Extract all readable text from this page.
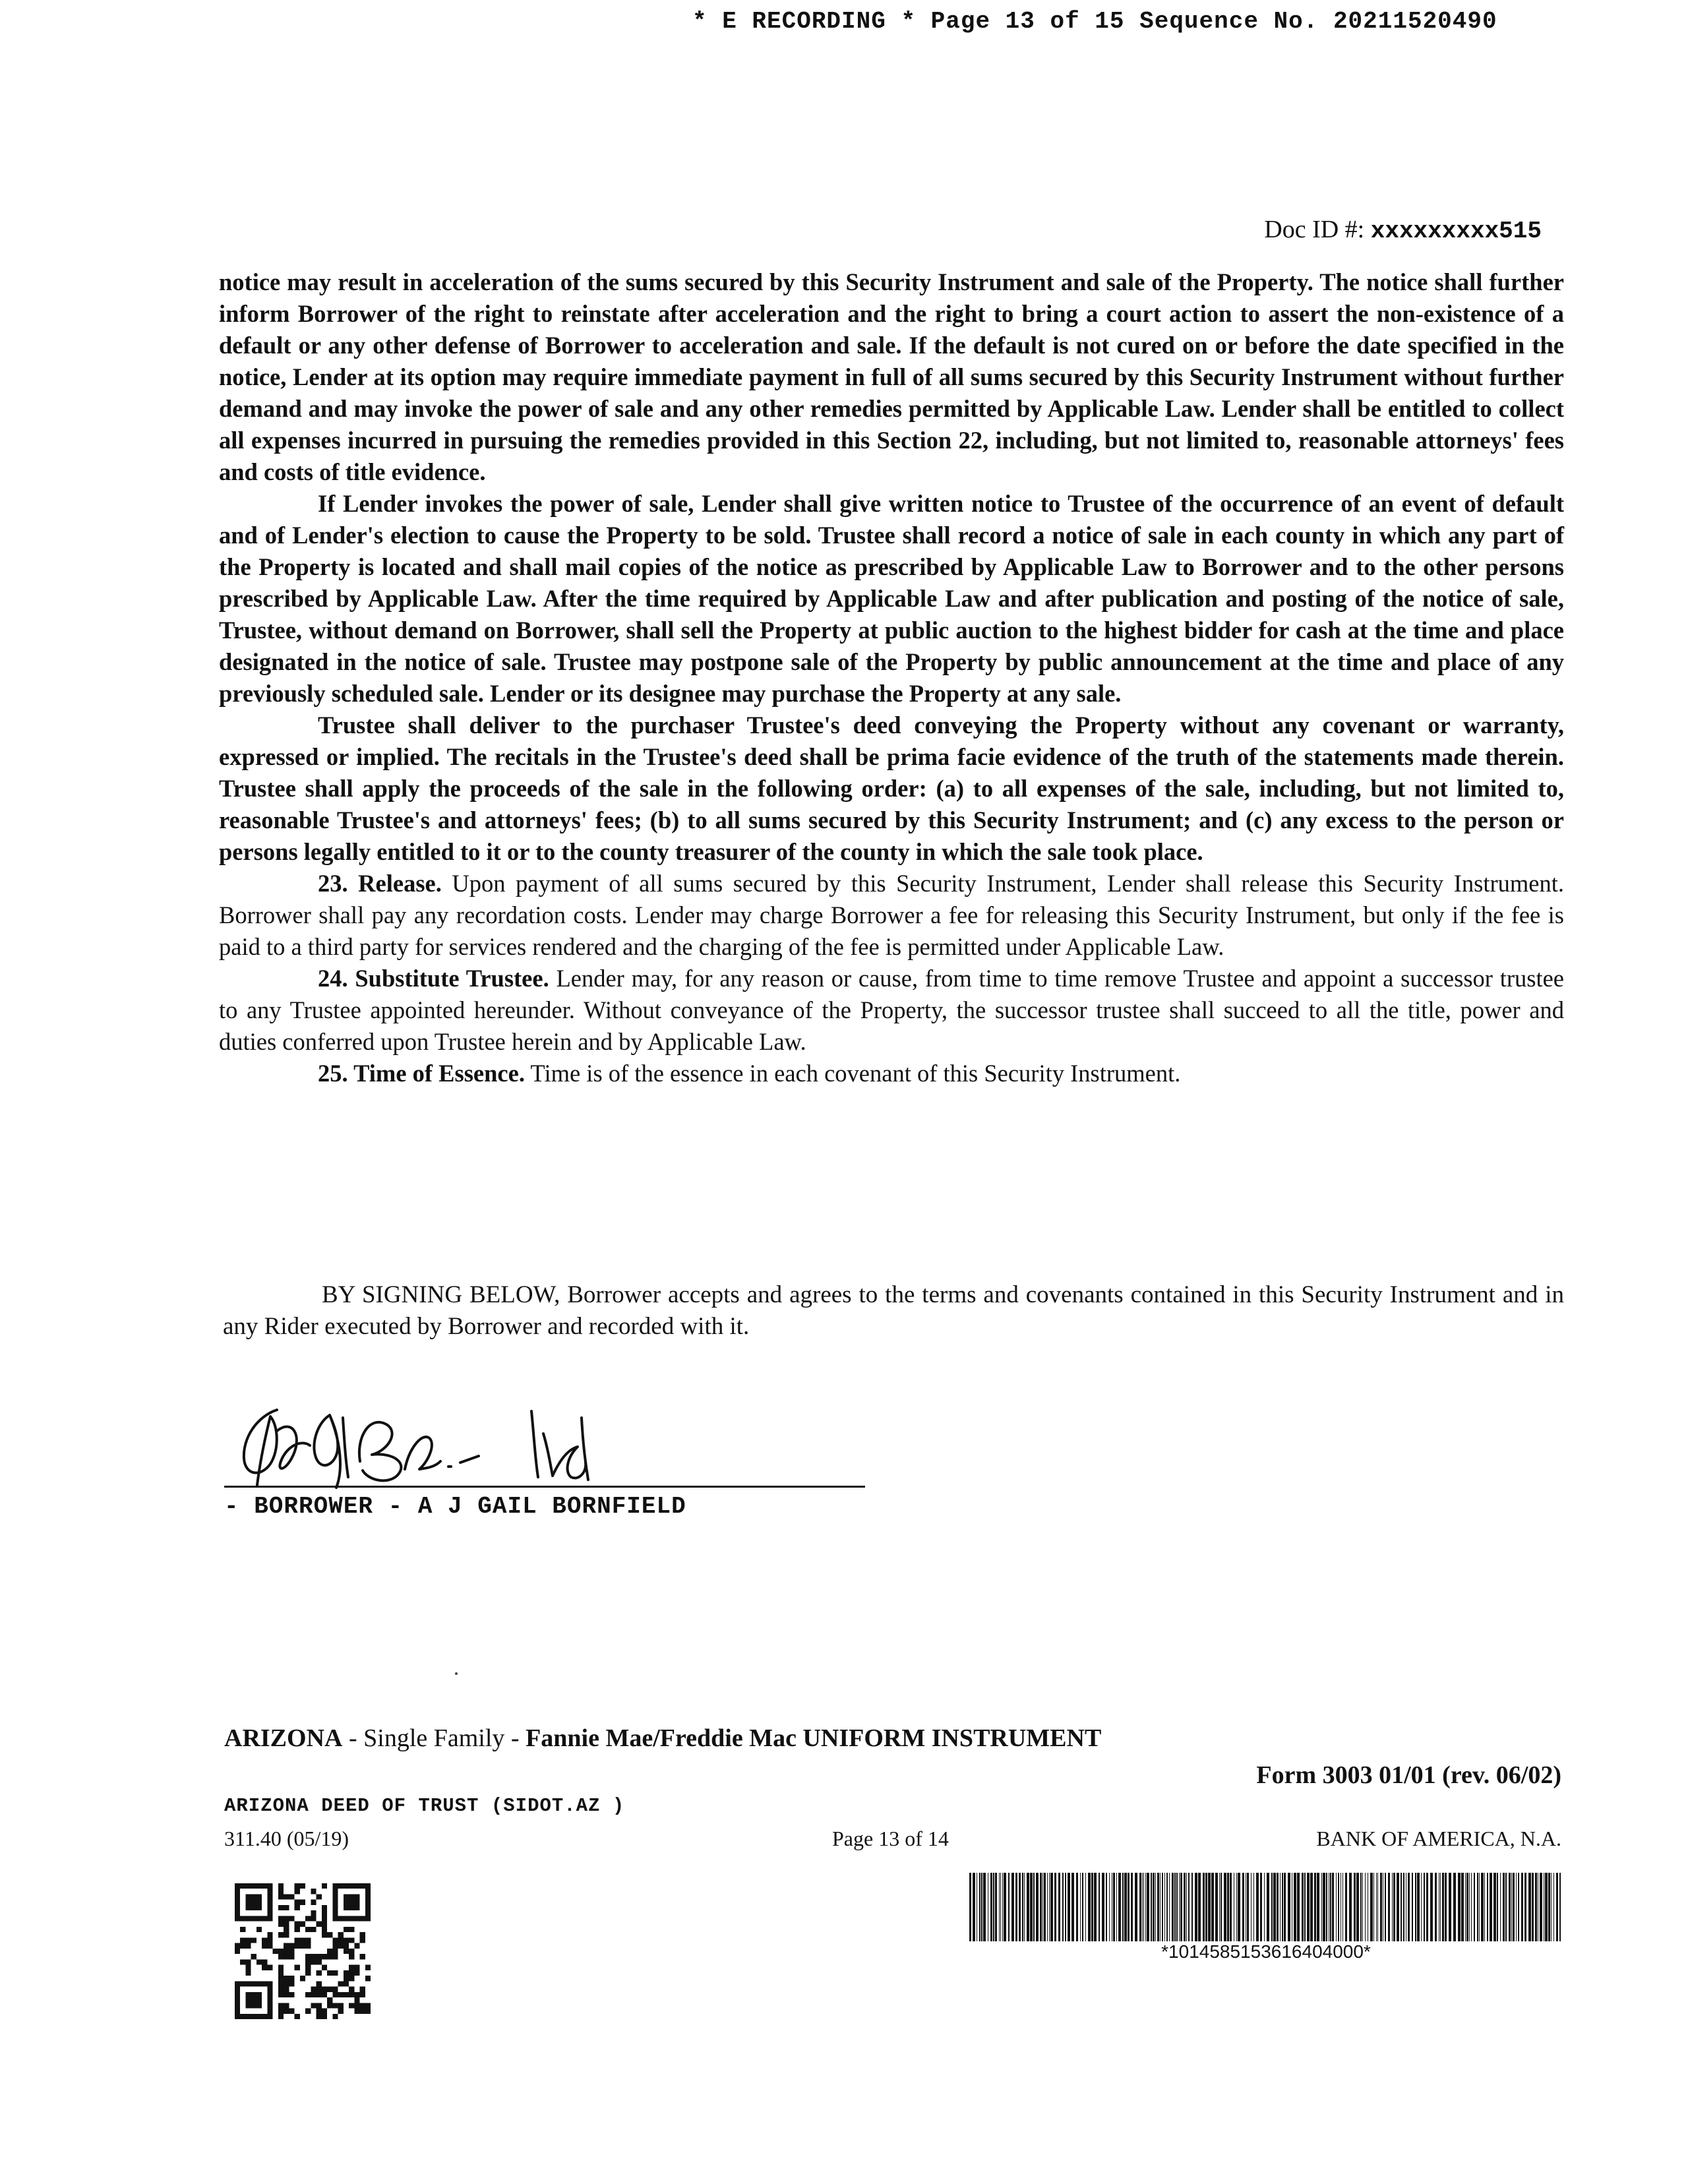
* E RECORDING * Page 13 of 15 Sequence No. 20211520490
Doc ID #: xxxxxxxxx515

notice may result in acceleration of the sums secured by this Security Instrument and sale of the Property. The notice shall further inform Borrower of the right to reinstate after acceleration and the right to bring a court action to assert the non-existence of a default or any other defense of Borrower to acceleration and sale. If the default is not cured on or before the date specified in the notice, Lender at its option may require immediate payment in full of all sums secured by this Security Instrument without further demand and may invoke the power of sale and any other remedies permitted by Applicable Law. Lender shall be entitled to collect all expenses incurred in pursuing the remedies provided in this Section 22, including, but not limited to, reasonable attorneys' fees and costs of title evidence.

If Lender invokes the power of sale, Lender shall give written notice to Trustee of the occurrence of an event of default and of Lender's election to cause the Property to be sold. Trustee shall record a notice of sale in each county in which any part of the Property is located and shall mail copies of the notice as prescribed by Applicable Law to Borrower and to the other persons prescribed by Applicable Law. After the time required by Applicable Law and after publication and posting of the notice of sale, Trustee, without demand on Borrower, shall sell the Property at public auction to the highest bidder for cash at the time and place designated in the notice of sale. Trustee may postpone sale of the Property by public announcement at the time and place of any previously scheduled sale. Lender or its designee may purchase the Property at any sale.

Trustee shall deliver to the purchaser Trustee's deed conveying the Property without any covenant or warranty, expressed or implied. The recitals in the Trustee's deed shall be prima facie evidence of the truth of the statements made therein. Trustee shall apply the proceeds of the sale in the following order: (a) to all expenses of the sale, including, but not limited to, reasonable Trustee's and attorneys' fees; (b) to all sums secured by this Security Instrument; and (c) any excess to the person or persons legally entitled to it or to the county treasurer of the county in which the sale took place.

23. Release. Upon payment of all sums secured by this Security Instrument, Lender shall release this Security Instrument. Borrower shall pay any recordation costs. Lender may charge Borrower a fee for releasing this Security Instrument, but only if the fee is paid to a third party for services rendered and the charging of the fee is permitted under Applicable Law.

24. Substitute Trustee. Lender may, for any reason or cause, from time to time remove Trustee and appoint a successor trustee to any Trustee appointed hereunder. Without conveyance of the Property, the successor trustee shall succeed to all the title, power and duties conferred upon Trustee herein and by Applicable Law.

25. Time of Essence. Time is of the essence in each covenant of this Security Instrument.

BY SIGNING BELOW, Borrower accepts and agrees to the terms and covenants contained in this Security Instrument and in any Rider executed by Borrower and recorded with it.

- BORROWER - A J GAIL BORNFIELD
ARIZONA - Single Family - Fannie Mae/Freddie Mac UNIFORM INSTRUMENT
Form 3003 01/01 (rev. 06/02)
ARIZONA DEED OF TRUST (SIDOT.AZ )
311.40 (05/19)	Page 13 of 14	BANK OF AMERICA, N.A.
*1014585153616404000*
